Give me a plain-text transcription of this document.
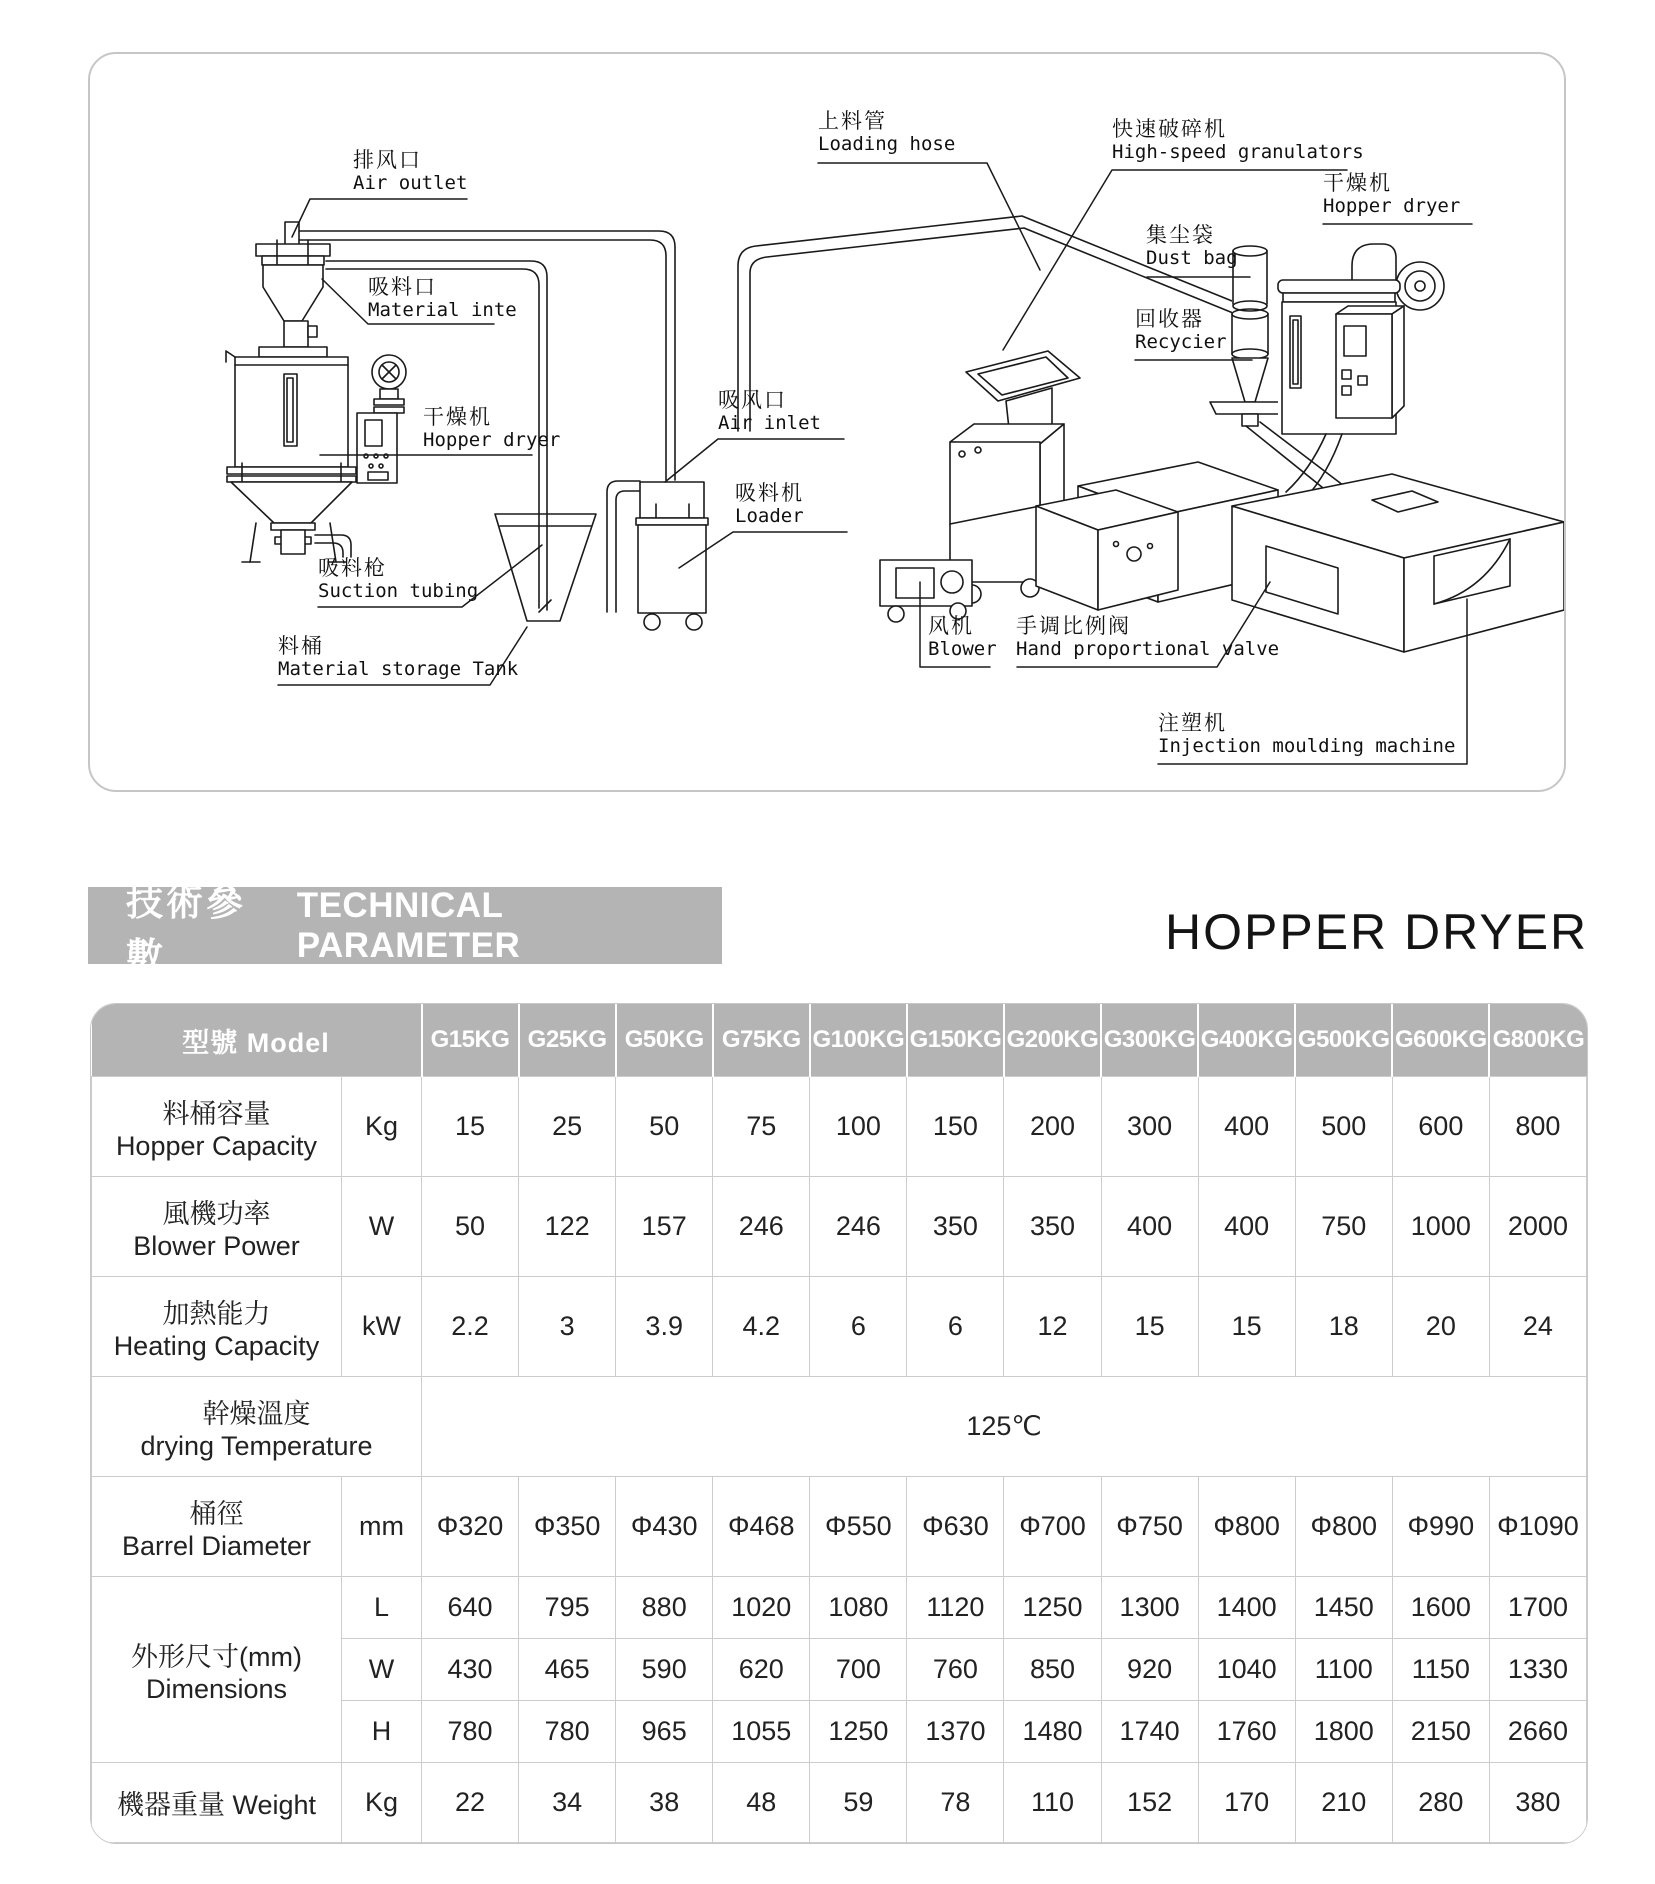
排风口
Air outlet
吸料口
Material inte
干燥机
Hopper dryer
吸料枪
Suction tubing
料桶
Material storage Tank
吸风口
Air inlet
吸料机
Loader
上料管
Loading hose
快速破碎机
High-speed granulators
集尘袋
Dust bag
干燥机
Hopper dryer
回收器
Recycier
风机
Blower
手调比例阀
Hand proportional valve
注塑机
Injection moulding machine
技術參數
TECHNICAL PARAMETER	HOPPER DRYER
型號 Model		G15KG	G25KG	G50KG	G75KG	G100KG	G150KG	G200KG	G300KG	G400KG	G500KG	G600KG	G800KG

料桶容量
Hopper Capacity	Kg	15	25	50	75	100	150	200	300	400	500	600	800

風機功率
Blower Power	W	50	122	157	246	246	350	350	400	400	750	1000	2000

加熱能力
Heating Capacity	kW	2.2	3	3.9	4.2	6	6	12	15	15	18	20	24

幹燥溫度
drying Temperature		125℃											

桶徑
Barrel Diameter	mm	Φ320	Φ350	Φ430	Φ468	Φ550	Φ630	Φ700	Φ750	Φ800	Φ800	Φ990	Φ1090

外形尺寸(mm)
Dimensions	L	640	795	880	1020	1080	1120	1250	1300	1400	1450	1600	1700
	W	430	465	590	620	700	760	850	920	1040	1100	1150	1330
	H	780	780	965	1055	1250	1370	1480	1740	1760	1800	2150	2660
機器重量 Weight	Kg	22	34	38	48	59	78	110	152	170	210	280	380
